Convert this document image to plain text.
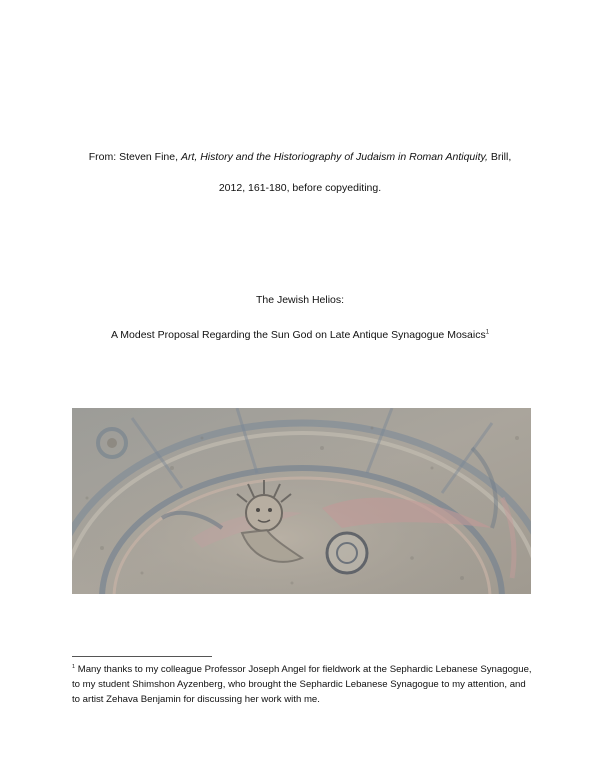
From: Steven Fine, Art, History and the Historiography of Judaism in Roman Antiquity, Brill,
2012, 161-180, before copyediting.
The Jewish Helios:
A Modest Proposal Regarding the Sun God on Late Antique Synagogue Mosaics$^1$
$^1$ Many thanks to my colleague Professor Joseph Angel for fieldwork at the Sephardic Lebanese Synagogue, to my student Shimshon Ayzenberg, who brought the Sephardic Lebanese Synagogue to my attention, and to artist Zehava Benjamin for discussing her work with me.
